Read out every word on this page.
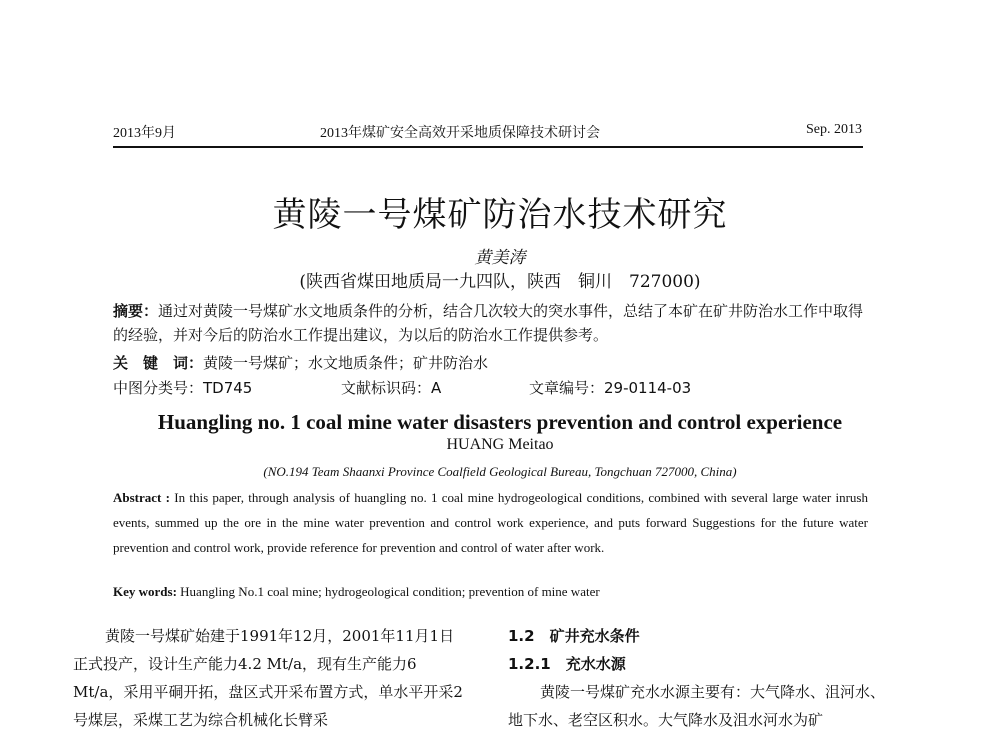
2013年9月	2013年煤矿安全高效开采地质保障技术研讨会	Sep. 2013
黄陵一号煤矿防治水技术研究
黄美涛
(陕西省煤田地质局一九四队，陕西　铜川　727000)
摘要：通过对黄陵一号煤矿水文地质条件的分析，结合几次较大的突水事件，总结了本矿在矿井防治水工作中取得的经验，并对今后的防治水工作提出建议，为以后的防治水工作提供参考。
关　键　词：黄陵一号煤矿；水文地质条件；矿井防治水
中图分类号：TD745	文献标识码：A	文章编号：29-0114-03
Huangling no. 1 coal mine water disasters prevention and control experience
HUANG Meitao
(NO.194 Team Shaanxi Province Coalfield Geological Bureau, Tongchuan 727000, China)
Abstract : In this paper, through analysis of huangling no. 1 coal mine hydrogeological conditions, combined with several large water inrush events, summed up the ore in the mine water prevention and control work experience, and puts forward Suggestions for the future water prevention and control work, provide reference for prevention and control of water after work.
Key words: Huangling No.1 coal mine; hydrogeological condition; prevention of mine water

黄陵一号煤矿始建于1991年12月，2001年11月1日正式投产，设计生产能力4.2 Mt/a，现有生产能力6 Mt/a，采用平硐开拓，盘区式开采布置方式，单水平开采2号煤层，采煤工艺为综合机械化长臂采

1.2　矿井充水条件
1.2.1　充水水源

黄陵一号煤矿充水水源主要有：大气降水、沮河水、地下水、老空区积水。大气降水及沮水河水为矿
